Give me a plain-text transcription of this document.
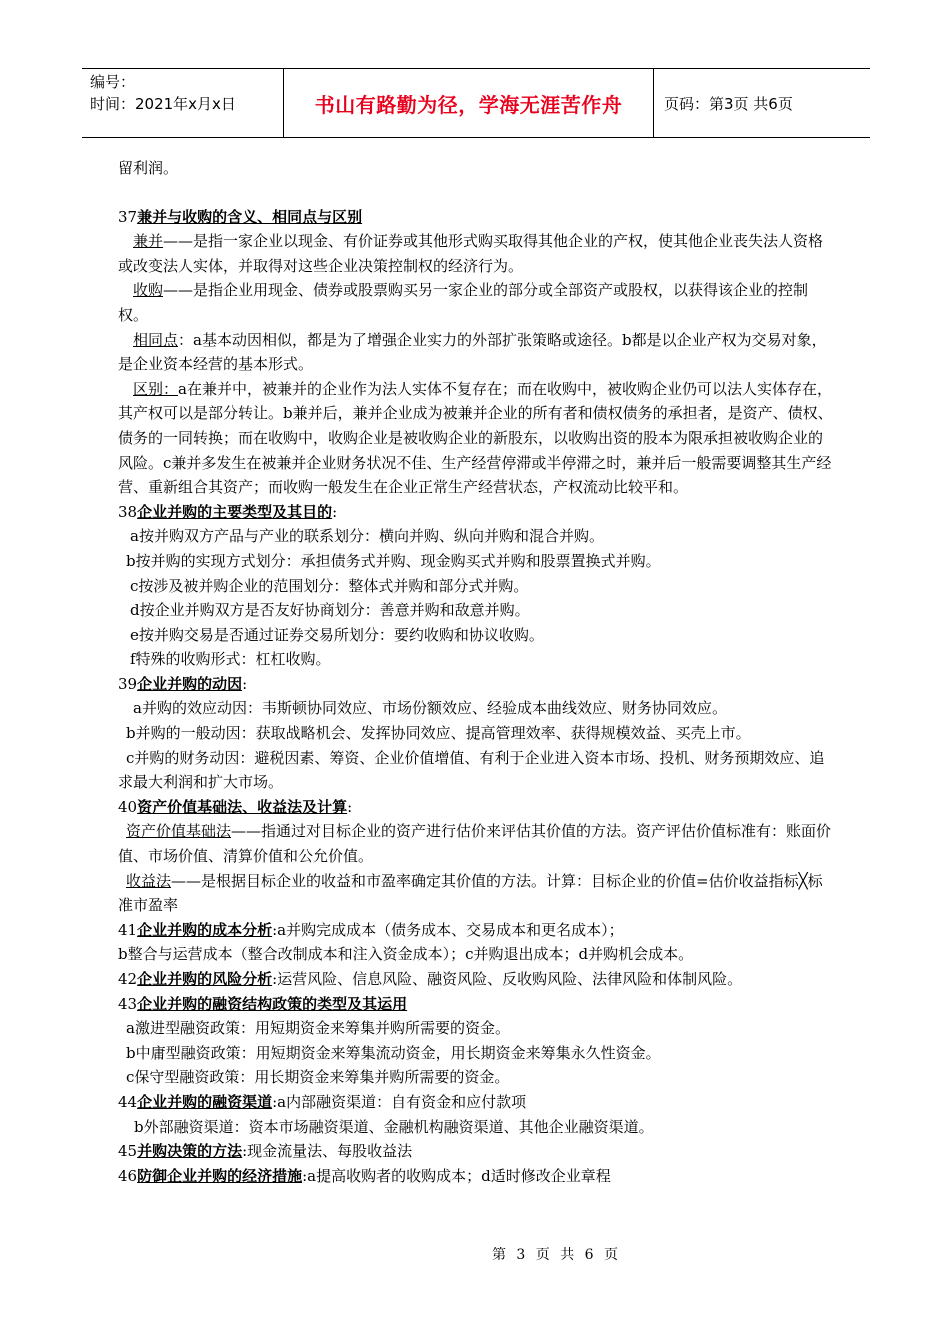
编号：
时间：2021年x月x日	书山有路勤为径，学海无涯苦作舟	页码：第3页 共6页

留利润。

37兼并与收购的含义、相同点与区别

兼并——是指一家企业以现金、有价证券或其他形式购买取得其他企业的产权，使其他企业丧失法人资格或改变法人实体，并取得对这些企业决策控制权的经济行为。

收购——是指企业用现金、债券或股票购买另一家企业的部分或全部资产或股权，以获得该企业的控制权。

相同点：a基本动因相似，都是为了增强企业实力的外部扩张策略或途径。b都是以企业产权为交易对象，是企业资本经营的基本形式。

区别：a在兼并中，被兼并的企业作为法人实体不复存在；而在收购中，被收购企业仍可以法人实体存在，其产权可以是部分转让。b兼并后，兼并企业成为被兼并企业的所有者和债权债务的承担者，是资产、债权、债务的一同转换；而在收购中，收购企业是被收购企业的新股东，以收购出资的股本为限承担被收购企业的风险。c兼并多发生在被兼并企业财务状况不佳、生产经营停滞或半停滞之时，兼并后一般需要调整其生产经营、重新组合其资产；而收购一般发生在企业正常生产经营状态，产权流动比较平和。

38企业并购的主要类型及其目的:

a按并购双方产品与产业的联系划分：横向并购、纵向并购和混合并购。

b按并购的实现方式划分：承担债务式并购、现金购买式并购和股票置换式并购。

c按涉及被并购企业的范围划分：整体式并购和部分式并购。

d按企业并购双方是否友好协商划分：善意并购和敌意并购。

e按并购交易是否通过证券交易所划分：要约收购和协议收购。

f特殊的收购形式：杠杠收购。

39企业并购的动因:

a并购的效应动因：韦斯顿协同效应、市场份额效应、经验成本曲线效应、财务协同效应。

b并购的一般动因：获取战略机会、发挥协同效应、提高管理效率、获得规模效益、买壳上市。

c并购的财务动因：避税因素、筹资、企业价值增值、有利于企业进入资本市场、投机、财务预期效应、追求最大利润和扩大市场。

40资产价值基础法、收益法及计算:

资产价值基础法——指通过对目标企业的资产进行估价来评估其价值的方法。资产评估价值标准有：账面价值、市场价值、清算价值和公允价值。

收益法——是根据目标企业的收益和市盈率确定其价值的方法。计算：目标企业的价值=估价收益指标╳标准市盈率

41企业并购的成本分析:a并购完成成本（债务成本、交易成本和更名成本）；

b整合与运营成本（整合改制成本和注入资金成本）；c并购退出成本；d并购机会成本。

42企业并购的风险分析:运营风险、信息风险、融资风险、反收购风险、法律风险和体制风险。

43企业并购的融资结构政策的类型及其运用

a激进型融资政策：用短期资金来筹集并购所需要的资金。

b中庸型融资政策：用短期资金来筹集流动资金，用长期资金来筹集永久性资金。

c保守型融资政策：用长期资金来筹集并购所需要的资金。

44企业并购的融资渠道:a内部融资渠道：自有资金和应付款项

b外部融资渠道：资本市场融资渠道、金融机构融资渠道、其他企业融资渠道。

45并购决策的方法:现金流量法、每股收益法

46防御企业并购的经济措施:a提高收购者的收购成本；d适时修改企业章程

第 3 页 共 6 页
